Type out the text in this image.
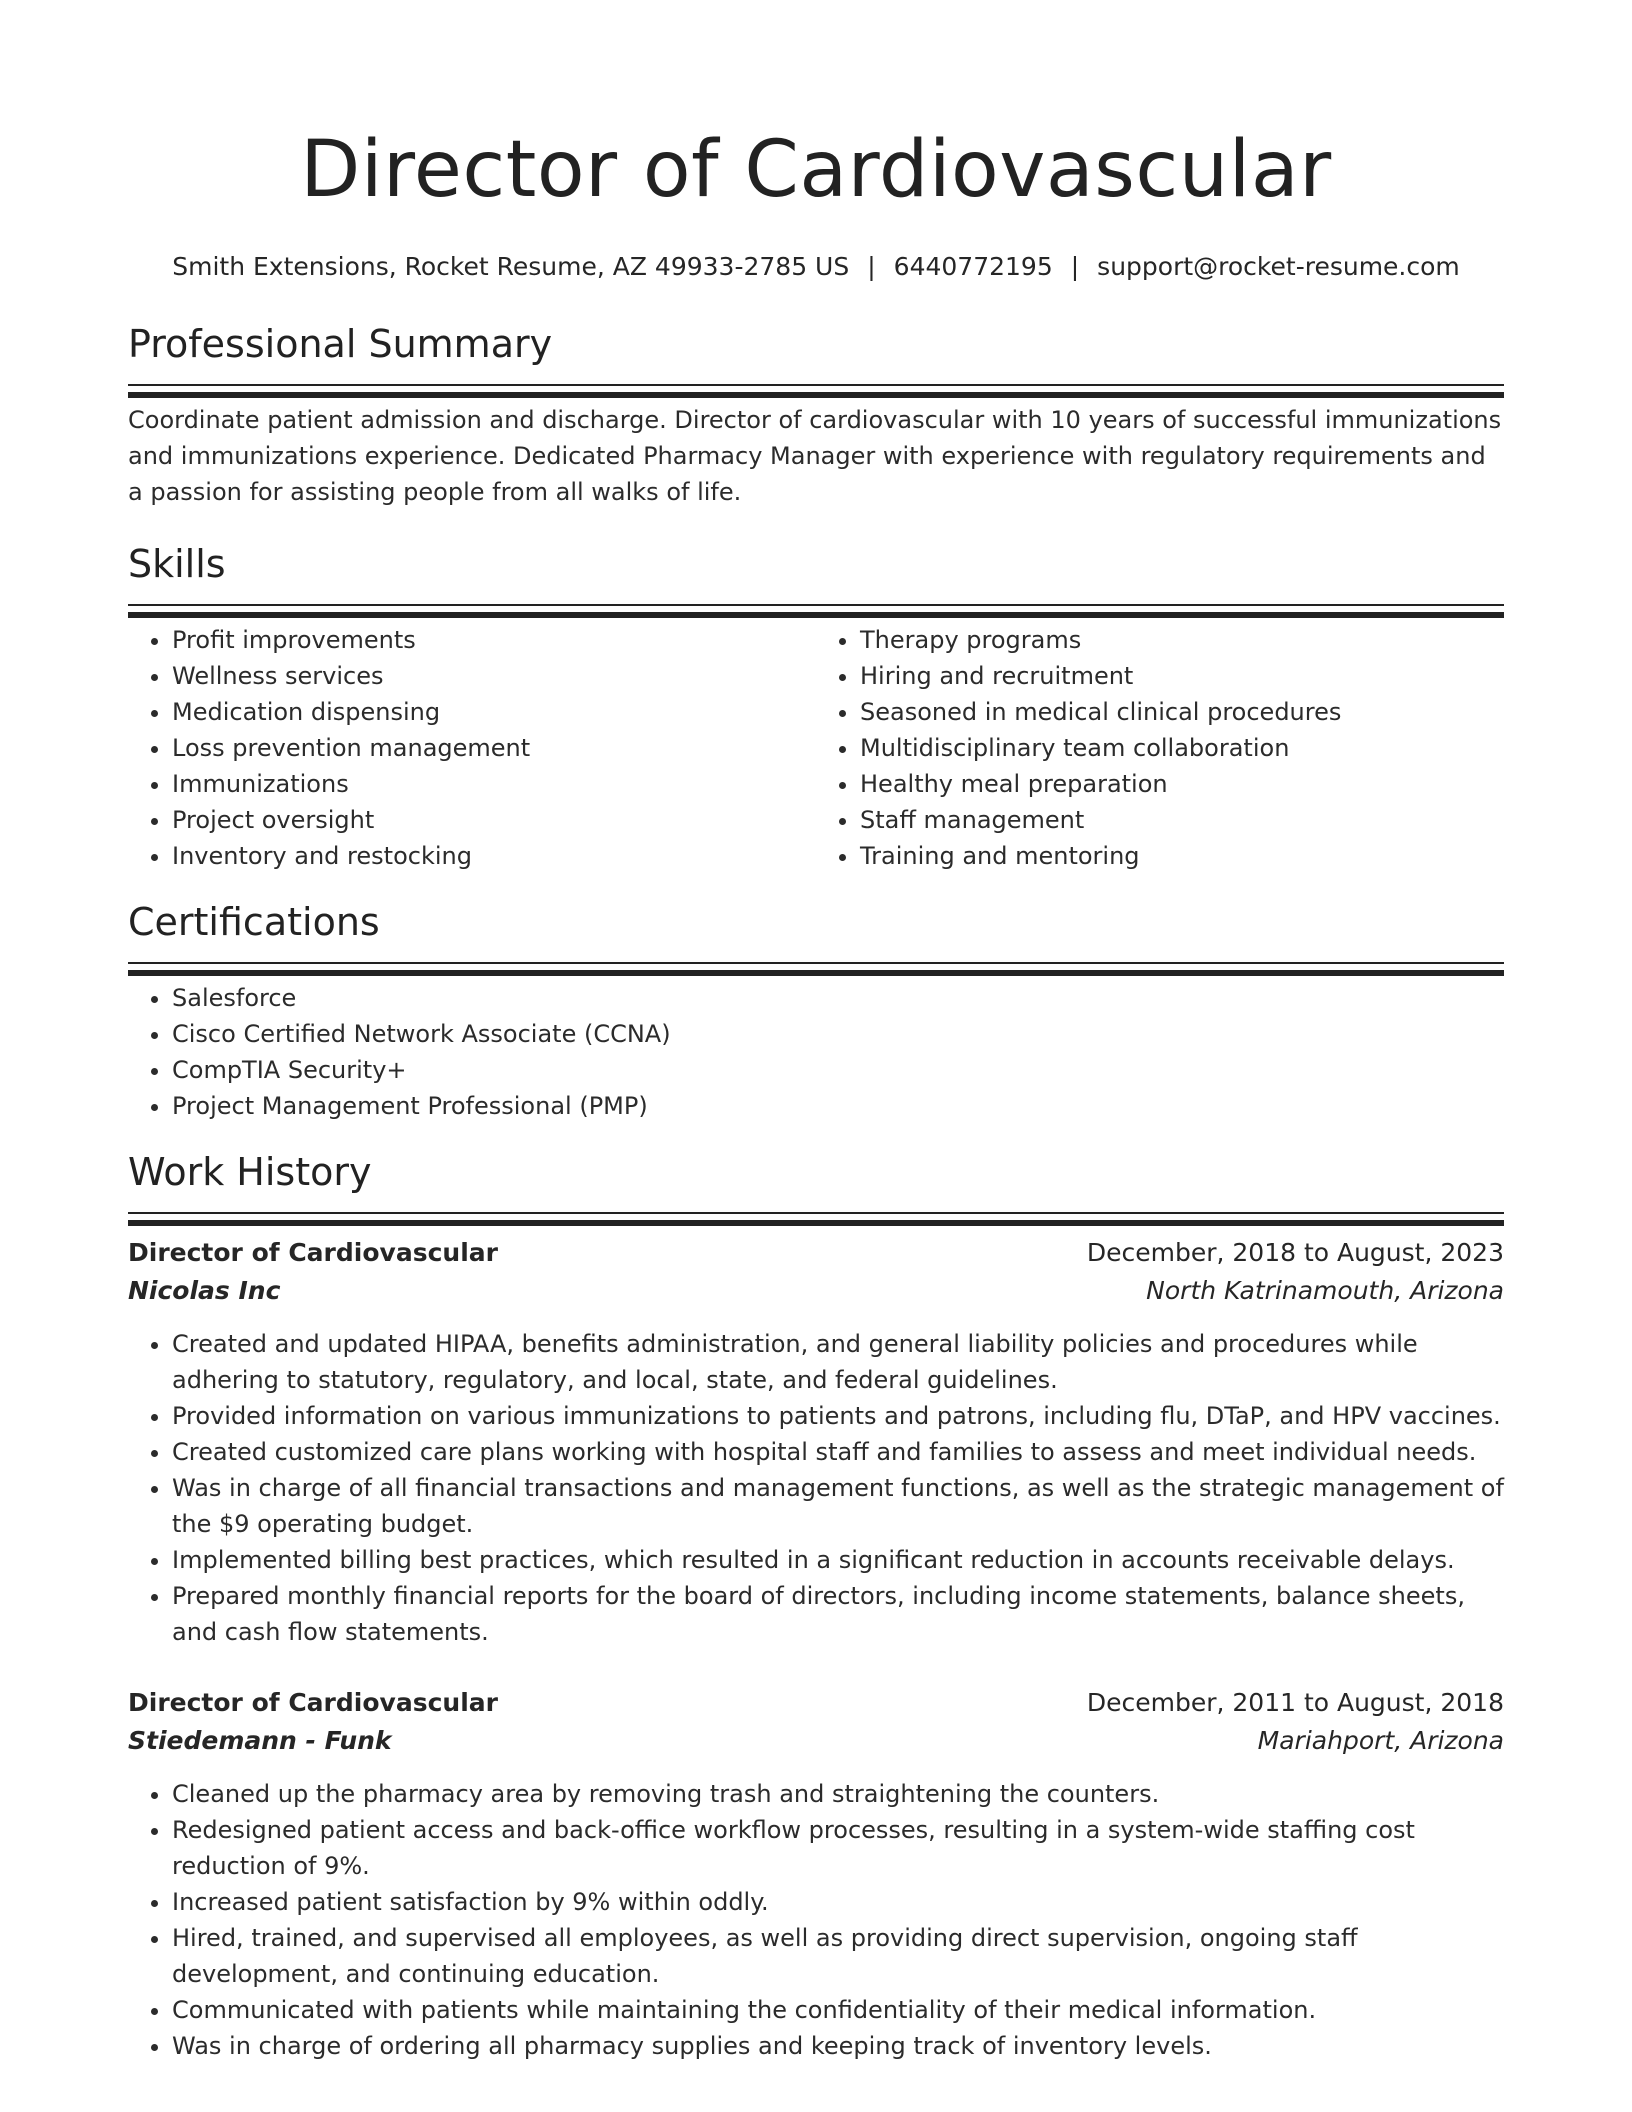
Director of Cardiovascular
Smith Extensions, Rocket Resume, AZ 49933-2785 US | 6440772195 | support@rocket-resume.com
Professional Summary

Coordinate patient admission and discharge. Director of cardiovascular with 10 years of successful immunizations and immunizations experience. Dedicated Pharmacy Manager with experience with regulatory requirements and a passion for assisting people from all walks of life.

Skills
• Profit improvements
• Wellness services
• Medication dispensing
• Loss prevention management
• Immunizations
• Project oversight
• Inventory and restocking
• Therapy programs
• Hiring and recruitment
• Seasoned in medical clinical procedures
• Multidisciplinary team collaboration
• Healthy meal preparation
• Staff management
• Training and mentoring
Certifications
• Salesforce
• Cisco Certified Network Associate (CCNA)
• CompTIA Security+
• Project Management Professional (PMP)
Work History
Director of Cardiovascular	December, 2018 to August, 2023
Nicolas Inc	North Katrinamouth, Arizona
• Created and updated HIPAA, benefits administration, and general liability policies and procedures while adhering to statutory, regulatory, and local, state, and federal guidelines.
• Provided information on various immunizations to patients and patrons, including flu, DTaP, and HPV vaccines.
• Created customized care plans working with hospital staff and families to assess and meet individual needs.
• Was in charge of all financial transactions and management functions, as well as the strategic management of the $9 operating budget.
• Implemented billing best practices, which resulted in a significant reduction in accounts receivable delays.
• Prepared monthly financial reports for the board of directors, including income statements, balance sheets, and cash flow statements.
Director of Cardiovascular	December, 2011 to August, 2018
Stiedemann - Funk	Mariahport, Arizona
• Cleaned up the pharmacy area by removing trash and straightening the counters.
• Redesigned patient access and back-office workflow processes, resulting in a system-wide staffing cost reduction of 9%.
• Increased patient satisfaction by 9% within oddly.
• Hired, trained, and supervised all employees, as well as providing direct supervision, ongoing staff development, and continuing education.
• Communicated with patients while maintaining the confidentiality of their medical information.
• Was in charge of ordering all pharmacy supplies and keeping track of inventory levels.
